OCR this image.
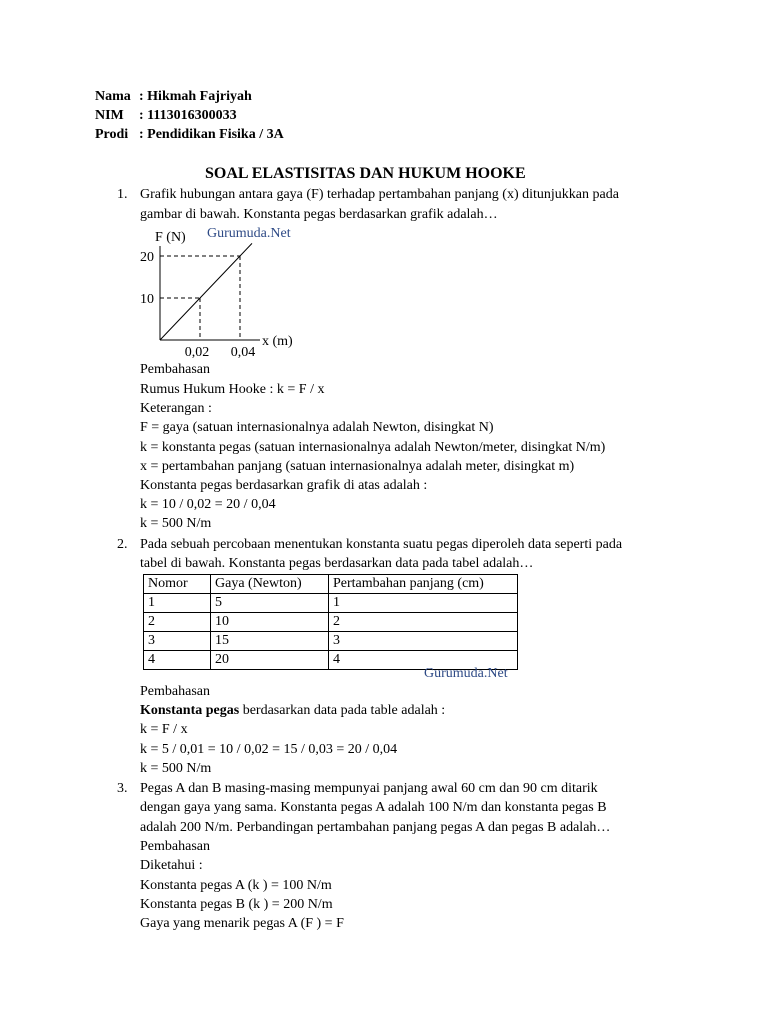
Nama : Hikmah Fajriyah
NIM : 1113016300033
Prodi : Pendidikan Fisika / 3A
SOAL ELASTISITAS DAN HUKUM HOOKE
1. Grafik hubungan antara gaya (F) terhadap pertambahan panjang (x) ditunjukkan pada
gambar di bawah. Konstanta pegas berdasarkan grafik adalah…
F (N)
20
10
0,02 0,04
x (m)
Gurumuda.Net
Pembahasan
Rumus Hukum Hooke : k = F / x
Keterangan :
F = gaya (satuan internasionalnya adalah Newton, disingkat N)
k = konstanta pegas (satuan internasionalnya adalah Newton/meter, disingkat N/m)
x = pertambahan panjang (satuan internasionalnya adalah meter, disingkat m)
Konstanta pegas berdasarkan grafik di atas adalah :
k = 10 / 0,02 = 20 / 0,04
k = 500 N/m
2. Pada sebuah percobaan menentukan konstanta suatu pegas diperoleh data seperti pada
tabel di bawah. Konstanta pegas berdasarkan data pada tabel adalah…
Nomor	Gaya (Newton)	Pertambahan panjang (cm)
1	5	1
2	10	2
3	15	3
4	20	4
Gurumuda.Net
Pembahasan
Konstanta pegas berdasarkan data pada table adalah :
k = F / x
k = 5 / 0,01 = 10 / 0,02 = 15 / 0,03 = 20 / 0,04
k = 500 N/m
3. Pegas A dan B masing-masing mempunyai panjang awal 60 cm dan 90 cm ditarik
dengan gaya yang sama. Konstanta pegas A adalah 100 N/m dan konstanta pegas B
adalah 200 N/m. Perbandingan pertambahan panjang pegas A dan pegas B adalah…
Pembahasan
Diketahui :
Konstanta pegas A (k ) = 100 N/m
Konstanta pegas B (k ) = 200 N/m
Gaya yang menarik pegas A (F ) = F
